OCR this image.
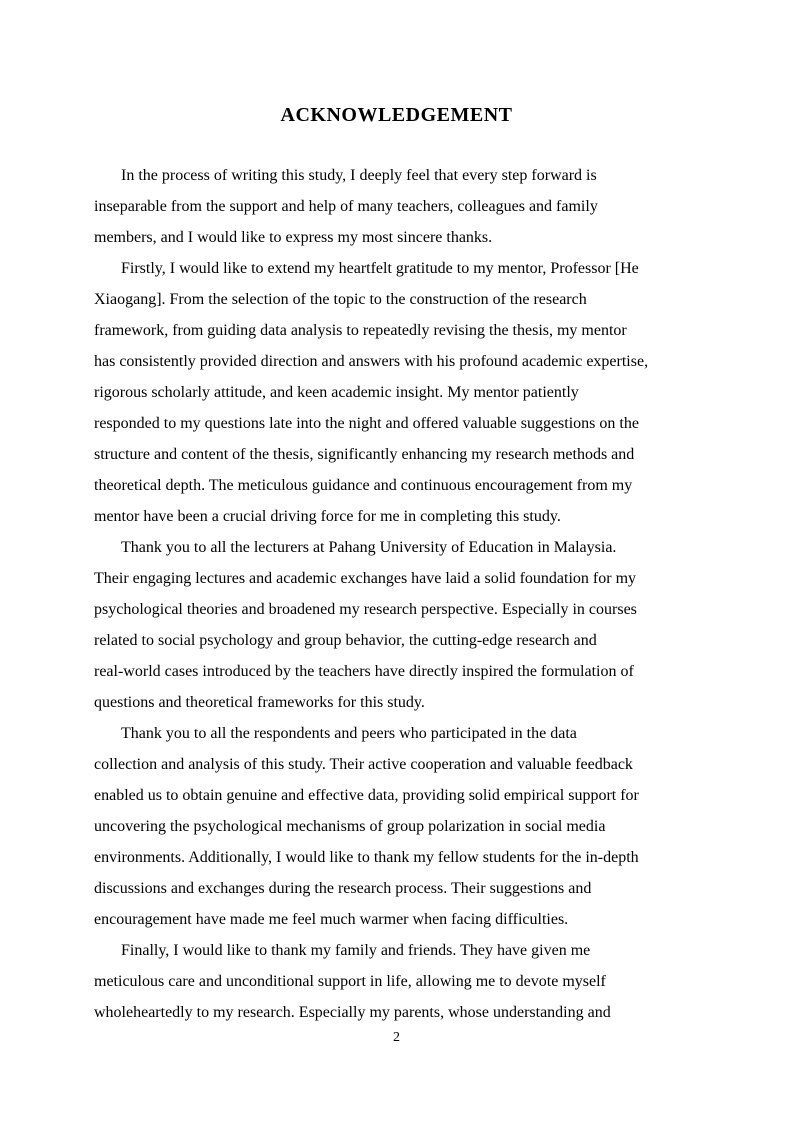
ACKNOWLEDGEMENT

In the process of writing this study, I deeply feel that every step forward is
inseparable from the support and help of many teachers, colleagues and family
members, and I would like to express my most sincere thanks.

Firstly, I would like to extend my heartfelt gratitude to my mentor, Professor [He
Xiaogang]. From the selection of the topic to the construction of the research
framework, from guiding data analysis to repeatedly revising the thesis, my mentor
has consistently provided direction and answers with his profound academic expertise,
rigorous scholarly attitude, and keen academic insight. My mentor patiently
responded to my questions late into the night and offered valuable suggestions on the
structure and content of the thesis, significantly enhancing my research methods and
theoretical depth. The meticulous guidance and continuous encouragement from my
mentor have been a crucial driving force for me in completing this study.

Thank you to all the lecturers at Pahang University of Education in Malaysia.
Their engaging lectures and academic exchanges have laid a solid foundation for my
psychological theories and broadened my research perspective. Especially in courses
related to social psychology and group behavior, the cutting-edge research and
real-world cases introduced by the teachers have directly inspired the formulation of
questions and theoretical frameworks for this study.

Thank you to all the respondents and peers who participated in the data
collection and analysis of this study. Their active cooperation and valuable feedback
enabled us to obtain genuine and effective data, providing solid empirical support for
uncovering the psychological mechanisms of group polarization in social media
environments. Additionally, I would like to thank my fellow students for the in-depth
discussions and exchanges during the research process. Their suggestions and
encouragement have made me feel much warmer when facing difficulties.

Finally, I would like to thank my family and friends. They have given me
meticulous care and unconditional support in life, allowing me to devote myself
wholeheartedly to my research. Especially my parents, whose understanding and

2
